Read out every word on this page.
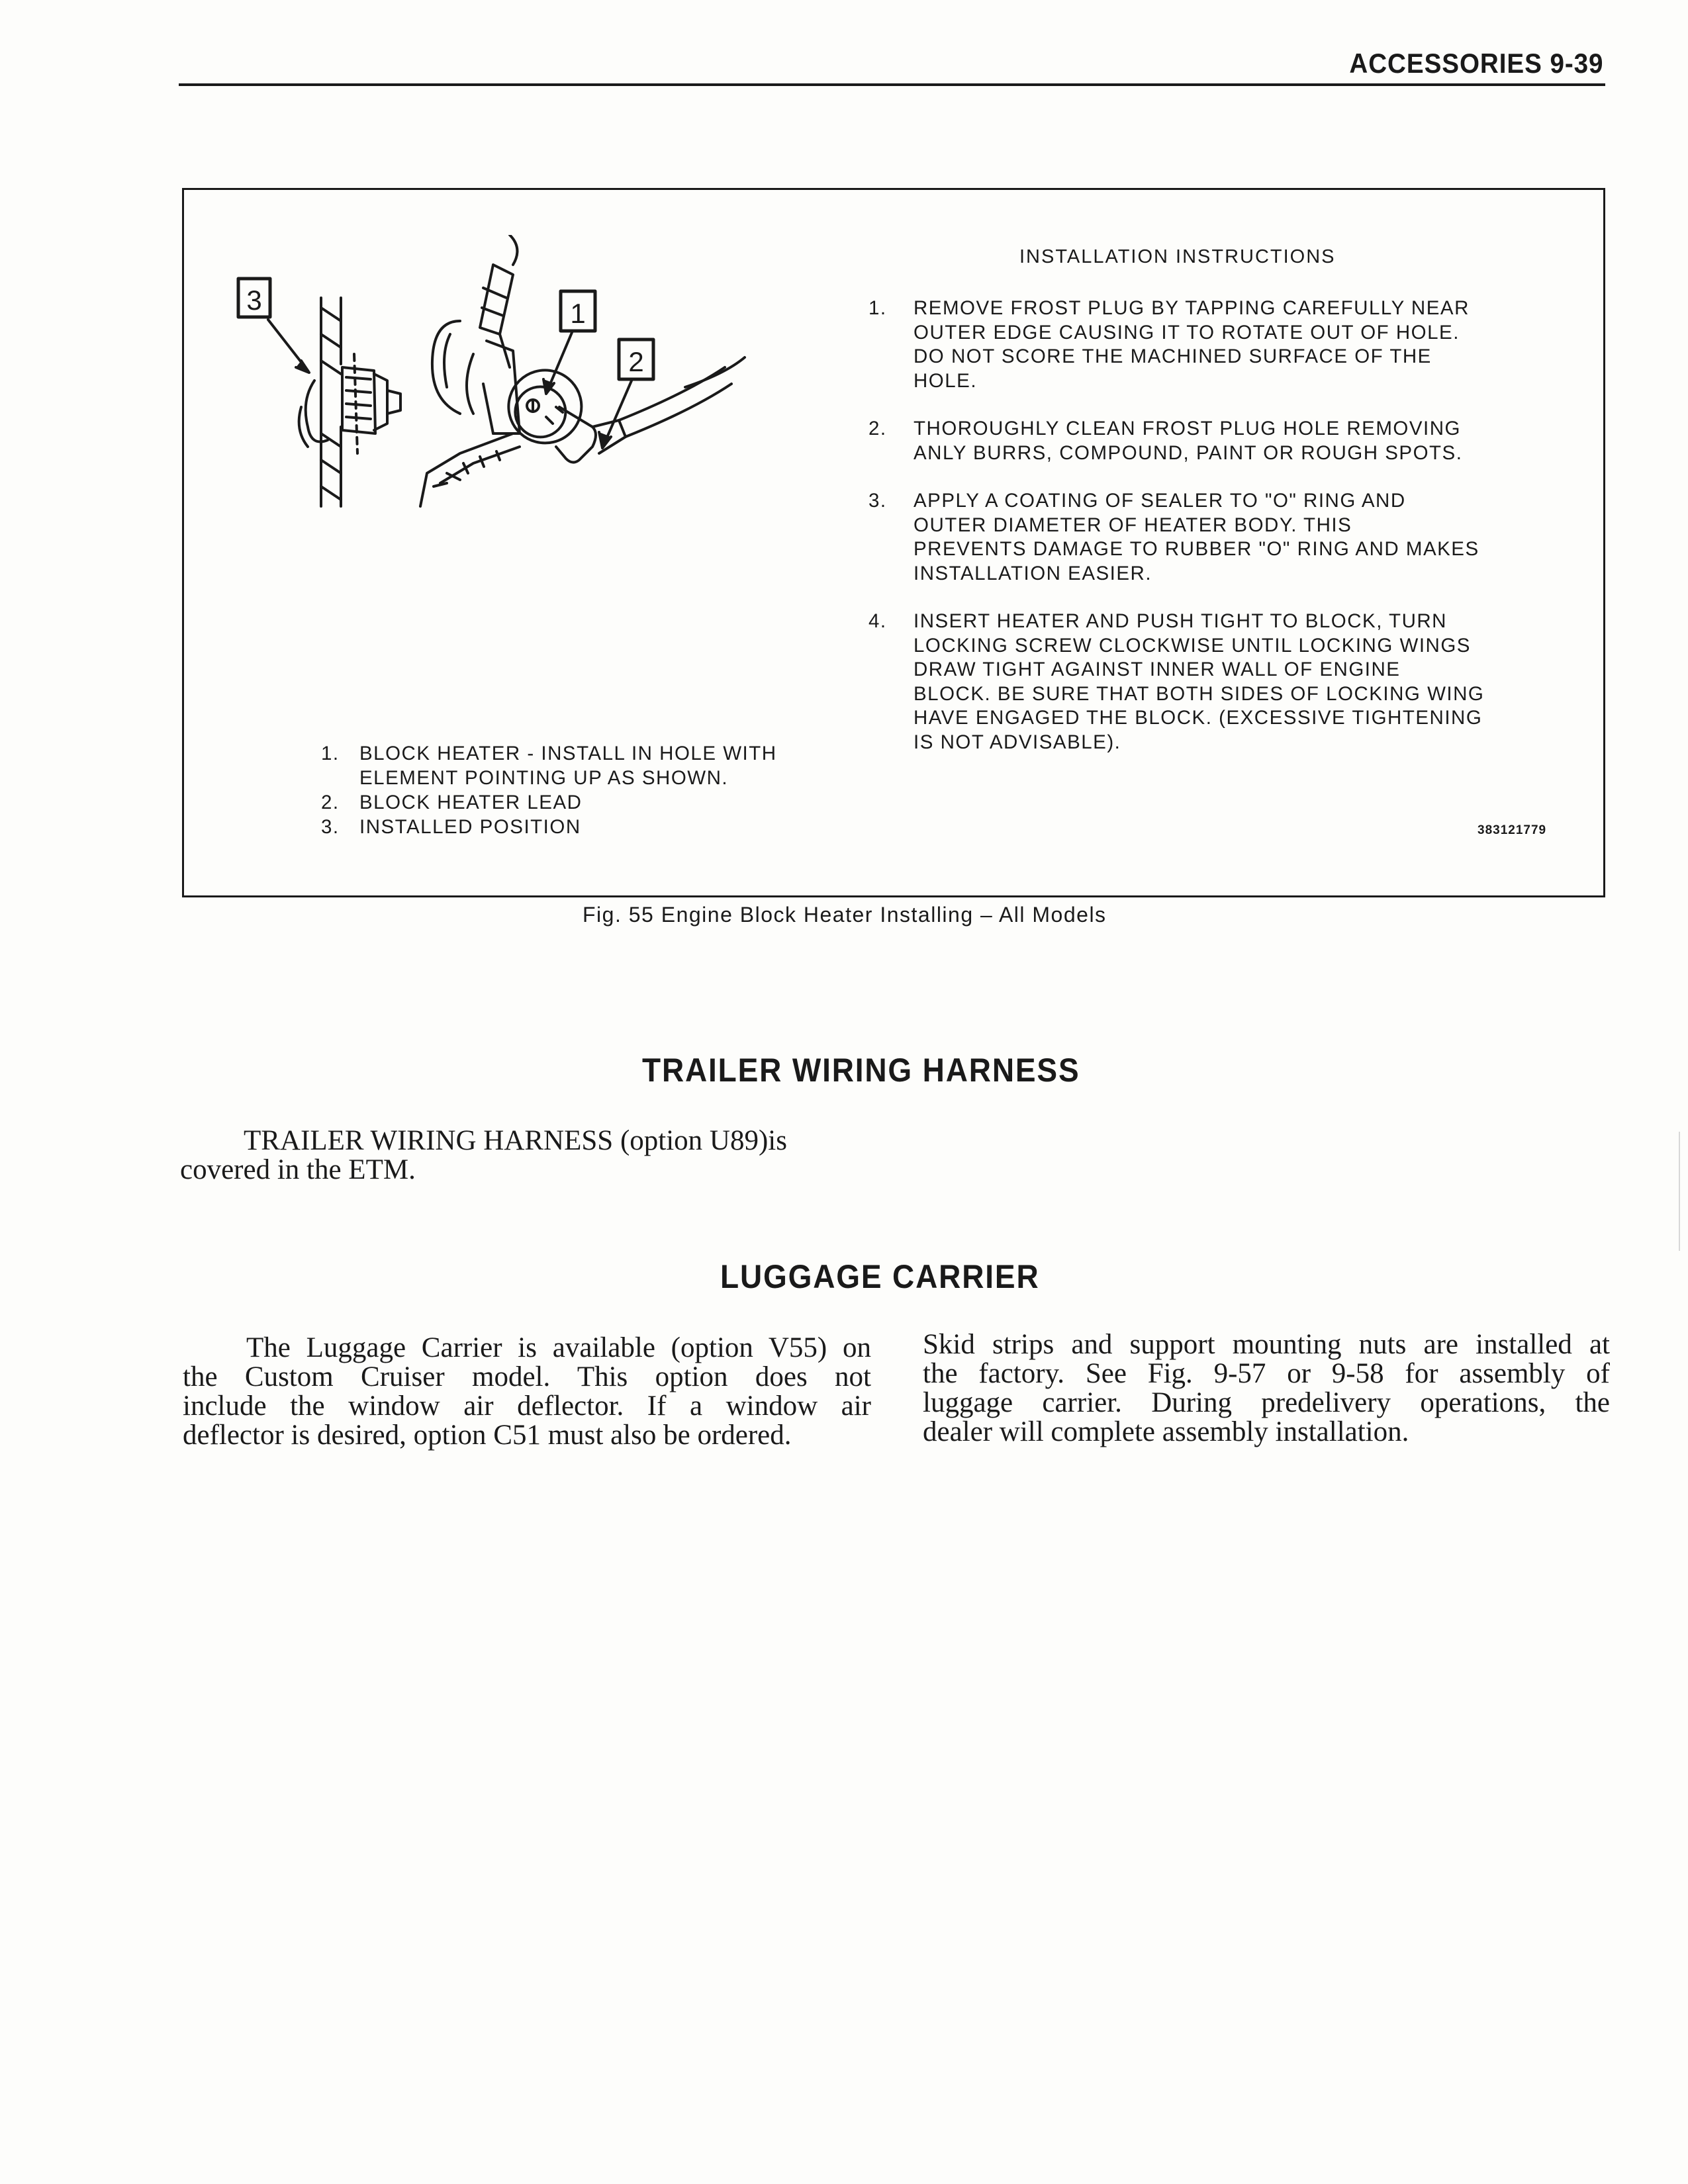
ACCESSORIES 9-39
3	1
2
INSTALLATION INSTRUCTIONS
1. REMOVE FROST PLUG BY TAPPING CAREFULLY NEAR
OUTER EDGE CAUSING IT TO ROTATE OUT OF HOLE.
DO NOT SCORE THE MACHINED SURFACE OF THE
HOLE.
2. THOROUGHLY CLEAN FROST PLUG HOLE REMOVING
ANLY BURRS, COMPOUND, PAINT OR ROUGH SPOTS.
3. APPLY A COATING OF SEALER TO "O" RING AND
OUTER DIAMETER OF HEATER BODY. THIS
PREVENTS DAMAGE TO RUBBER "O" RING AND MAKES
INSTALLATION EASIER.
4. INSERT HEATER AND PUSH TIGHT TO BLOCK, TURN
LOCKING SCREW CLOCKWISE UNTIL LOCKING WINGS
DRAW TIGHT AGAINST INNER WALL OF ENGINE
BLOCK. BE SURE THAT BOTH SIDES OF LOCKING WING
HAVE ENGAGED THE BLOCK. (EXCESSIVE TIGHTENING
IS NOT ADVISABLE).
1. BLOCK HEATER - INSTALL IN HOLE WITH
ELEMENT POINTING UP AS SHOWN.
2. BLOCK HEATER LEAD
3. INSTALLED POSITION	383121779
Fig. 55 Engine Block Heater Installing – All Models
TRAILER WIRING HARNESS
TRAILER WIRING HARNESS (option U89)is
covered in the ETM.
LUGGAGE CARRIER
The Luggage Carrier is available (option V55) on
the Custom Cruiser model. This option does not
include the window air deflector. If a window air
deflector is desired, option C51 must also be ordered.
Skid strips and support mounting nuts are installed at
the factory. See Fig. 9-57 or 9-58 for assembly of
luggage carrier. During predelivery operations, the
dealer will complete assembly installation.
